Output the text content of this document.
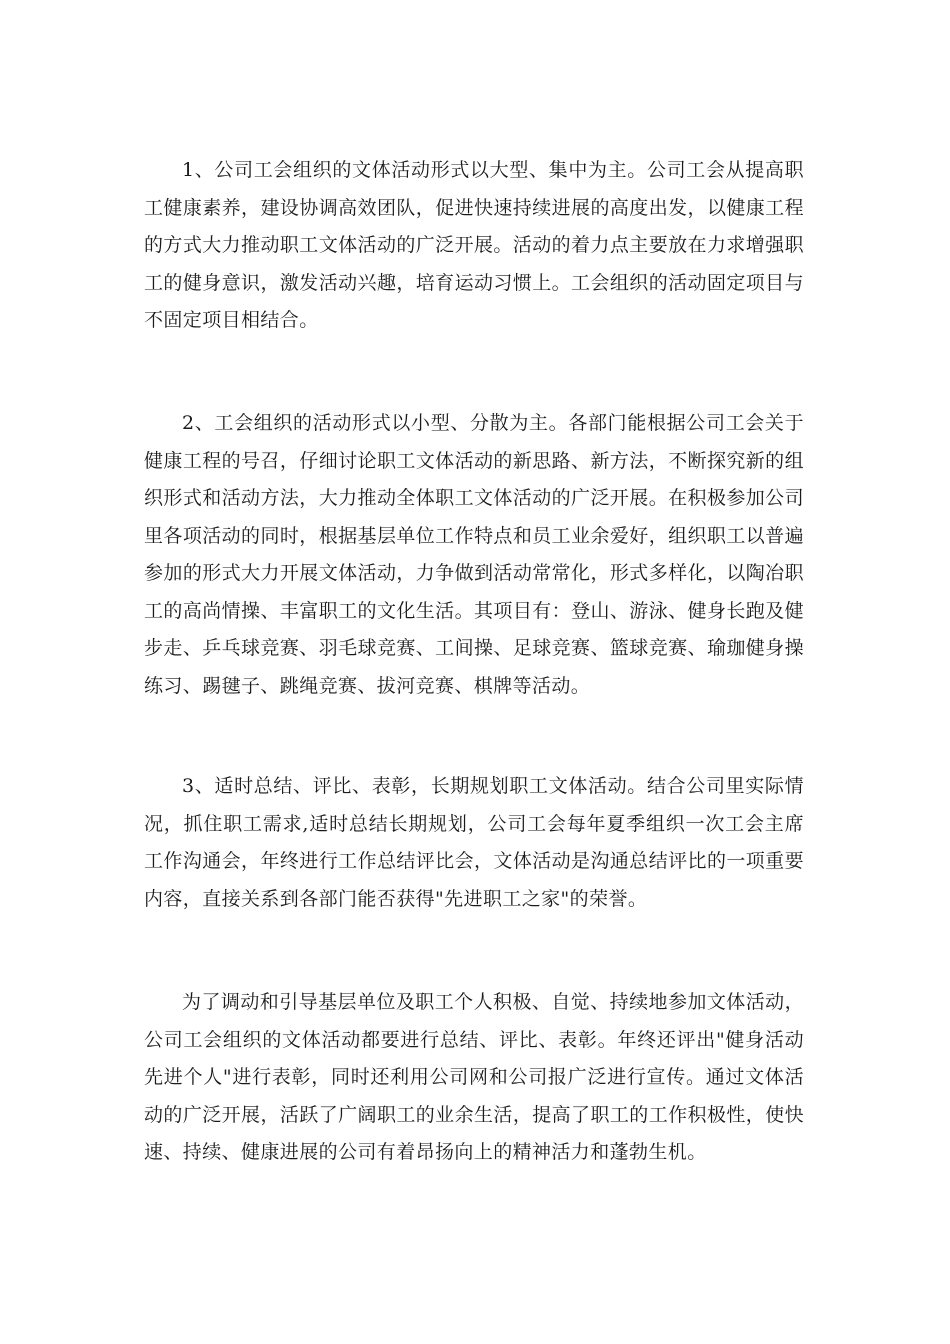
1、公司工会组织的文体活动形式以大型、集中为主。公司工会从提高职工健康素养，建设协调高效团队，促进快速持续进展的高度出发，以健康工程的方式大力推动职工文体活动的广泛开展。活动的着力点主要放在力求增强职工的健身意识，激发活动兴趣，培育运动习惯上。工会组织的活动固定项目与不固定项目相结合。

2、工会组织的活动形式以小型、分散为主。各部门能根据公司工会关于健康工程的号召，仔细讨论职工文体活动的新思路、新方法，不断探究新的组织形式和活动方法，大力推动全体职工文体活动的广泛开展。在积极参加公司里各项活动的同时，根据基层单位工作特点和员工业余爱好，组织职工以普遍参加的形式大力开展文体活动，力争做到活动常常化，形式多样化，以陶冶职工的高尚情操、丰富职工的文化生活。其项目有：登山、游泳、健身长跑及健步走、乒乓球竞赛、羽毛球竞赛、工间操、足球竞赛、篮球竞赛、瑜珈健身操练习、踢毽子、跳绳竞赛、拔河竞赛、棋牌等活动。

3、适时总结、评比、表彰，长期规划职工文体活动。结合公司里实际情况，抓住职工需求,适时总结长期规划，公司工会每年夏季组织一次工会主席工作沟通会，年终进行工作总结评比会，文体活动是沟通总结评比的一项重要内容，直接关系到各部门能否获得"先进职工之家"的荣誉。

为了调动和引导基层单位及职工个人积极、自觉、持续地参加文体活动，公司工会组织的文体活动都要进行总结、评比、表彰。年终还评出"健身活动先进个人"进行表彰，同时还利用公司网和公司报广泛进行宣传。通过文体活动的广泛开展，活跃了广阔职工的业余生活，提高了职工的工作积极性，使快速、持续、健康进展的公司有着昂扬向上的精神活力和蓬勃生机。
